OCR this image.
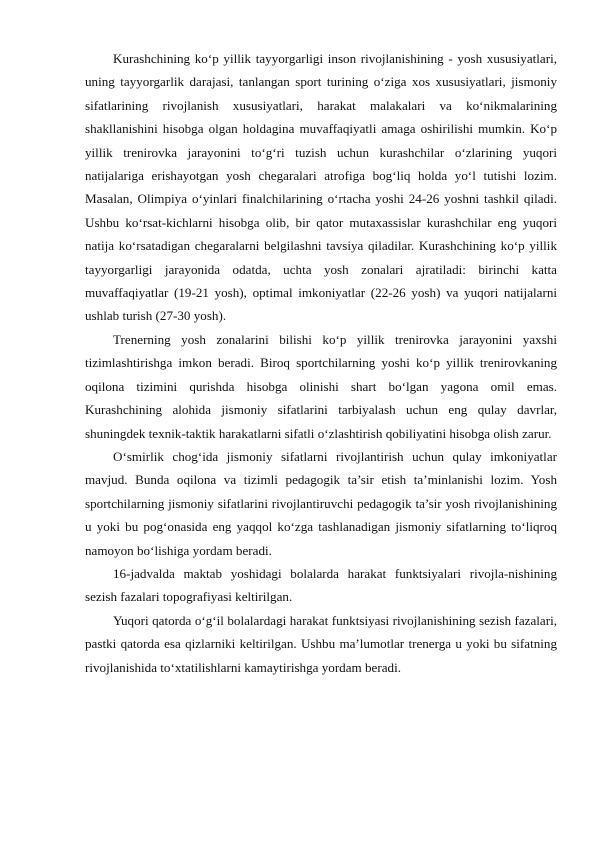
Kurashchining ko‘p yillik tayyorgarligi inson rivojlanishining - yosh xususiyatlari, uning tayyorgarlik darajasi, tanlangan sport turining o‘ziga xos xususiyatlari, jismoniy sifatlarining rivojlanish xususiyatlari, harakat malakalari va ko‘nikmalarining shakllanishini hisobga olgan holdagina muvaffaqiyatli amaga oshirilishi mumkin. Ko‘p yillik trenirovka jarayonini to‘g‘ri tuzish uchun kurashchilar o‘zlarining yuqori natijalariga erishayotgan yosh chegaralari atrofiga bog‘liq holda yo‘l tutishi lozim. Masalan, Olimpiya o‘yinlari finalchilarining o‘rtacha yoshi 24-26 yoshni tashkil qiladi. Ushbu ko‘rsat-kichlarni hisobga olib, bir qator mutaxassislar kurashchilar eng yuqori natija ko‘rsatadigan chegaralarni belgilashni tavsiya qiladilar. Kurashchining ko‘p yillik tayyorgarligi jarayonida odatda, uchta yosh zonalari ajratiladi: birinchi katta muvaffaqiyatlar (19-21 yosh), optimal imkoniyatlar (22-26 yosh) va yuqori natijalarni ushlab turish (27-30 yosh).

Trenerning yosh zonalarini bilishi ko‘p yillik trenirovka jarayonini yaxshi tizimlashtirishga imkon beradi. Biroq sportchilarning yoshi ko‘p yillik trenirovkaning oqilona tizimini qurishda hisobga olinishi shart bo‘lgan yagona omil emas. Kurashchining alohida jismoniy sifatlarini tarbiyalash uchun eng qulay davrlar, shuningdek texnik-taktik harakatlarni sifatli o‘zlashtirish qobiliyatini hisobga olish zarur.

O‘smirlik chog‘ida jismoniy sifatlarni rivojlantirish uchun qulay imkoniyatlar mavjud. Bunda oqilona va tizimli pedagogik ta’sir etish ta’minlanishi lozim. Yosh sportchilarning jismoniy sifatlarini rivojlantiruvchi pedagogik ta’sir yosh rivojlanishining u yoki bu pog‘onasida eng yaqqol ko‘zga tashlanadigan jismoniy sifatlarning to‘liqroq namoyon bo‘lishiga yordam beradi.

16-jadvalda maktab yoshidagi bolalarda harakat funktsiyalari rivojla-nishining sezish fazalari topografiyasi keltirilgan.

Yuqori qatorda o‘g‘il bolalardagi harakat funktsiyasi rivojlanishining sezish fazalari, pastki qatorda esa qizlarniki keltirilgan. Ushbu ma’lumotlar trenerga u yoki bu sifatning rivojlanishida to‘xtatilishlarni kamaytirishga yordam beradi.
